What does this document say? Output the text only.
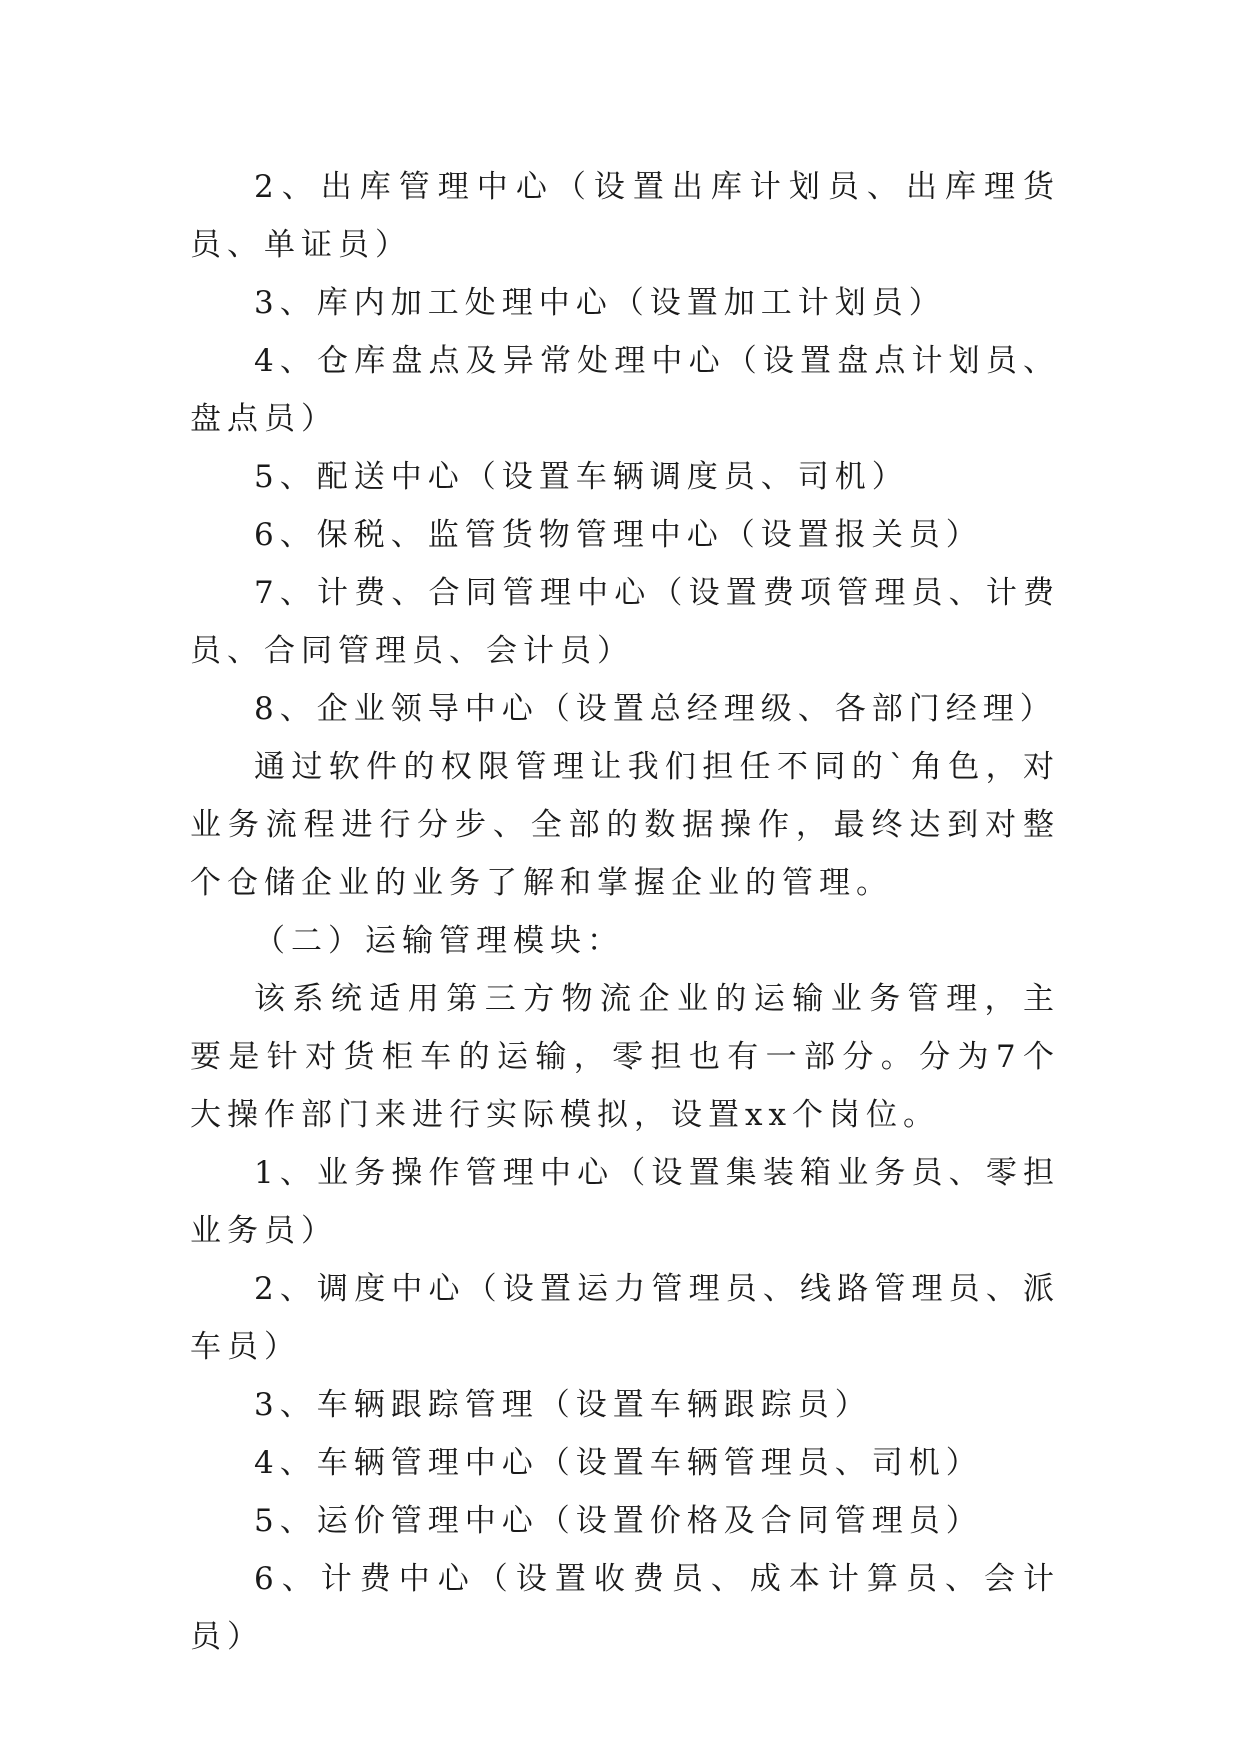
2、出库管理中心（设置出库计划员、出库理货员、单证员）

3、库内加工处理中心（设置加工计划员）

4、仓库盘点及异常处理中心（设置盘点计划员、盘点员）

5、配送中心（设置车辆调度员、司机）

6、保税、监管货物管理中心（设置报关员）

7、计费、合同管理中心（设置费项管理员、计费员、合同管理员、会计员）

8、企业领导中心（设置总经理级、各部门经理）

通过软件的权限管理让我们担任不同的`角色，对业务流程进行分步、全部的数据操作，最终达到对整个仓储企业的业务了解和掌握企业的管理。

（二）运输管理模块：

该系统适用第三方物流企业的运输业务管理，主要是针对货柜车的运输，零担也有一部分。分为7个大操作部门来进行实际模拟，设置xx个岗位。

1、业务操作管理中心（设置集装箱业务员、零担业务员）

2、调度中心（设置运力管理员、线路管理员、派车员）

3、车辆跟踪管理（设置车辆跟踪员）

4、车辆管理中心（设置车辆管理员、司机）

5、运价管理中心（设置价格及合同管理员）

6、计费中心（设置收费员、成本计算员、会计员）
